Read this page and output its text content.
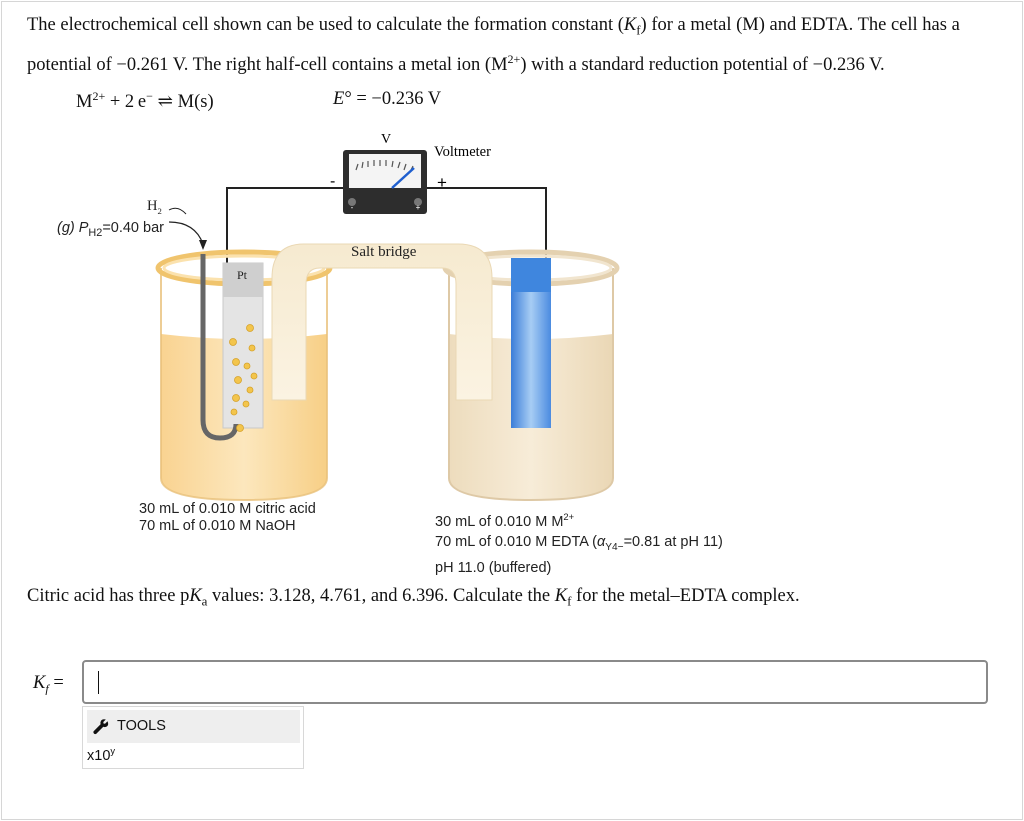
The electrochemical cell shown can be used to calculate the formation constant $(K_f)$ for a metal (M) and EDTA. The cell has a potential of −0.261 V. The right half-cell contains a metal ion $(M^{2+})$ with a standard reduction potential of −0.236 V.
$M^{2+} + 2$ e− ⇌ M(s)	E° = −0.236 V
-	+
V
Voltmeter
-	+
$H_2$
(g) $P_{H2}=0.40$ bar
Pt
Salt bridge
30 mL of 0.010 M citric acid
70 mL of 0.010 M NaOH	30 mL of 0.010 M $M^{2+}$
70 mL of 0.010 M EDTA ($\alpha_{Y4-}=0.81$ at pH 11)
pH 11.0 (buffered)
Citric acid has three $pK_a$ values: 3.128, 4.761, and 6.396. Calculate the $K_f$ for the metal–EDTA complex.
$K_f$ =
TOOLS
x10$^y$
